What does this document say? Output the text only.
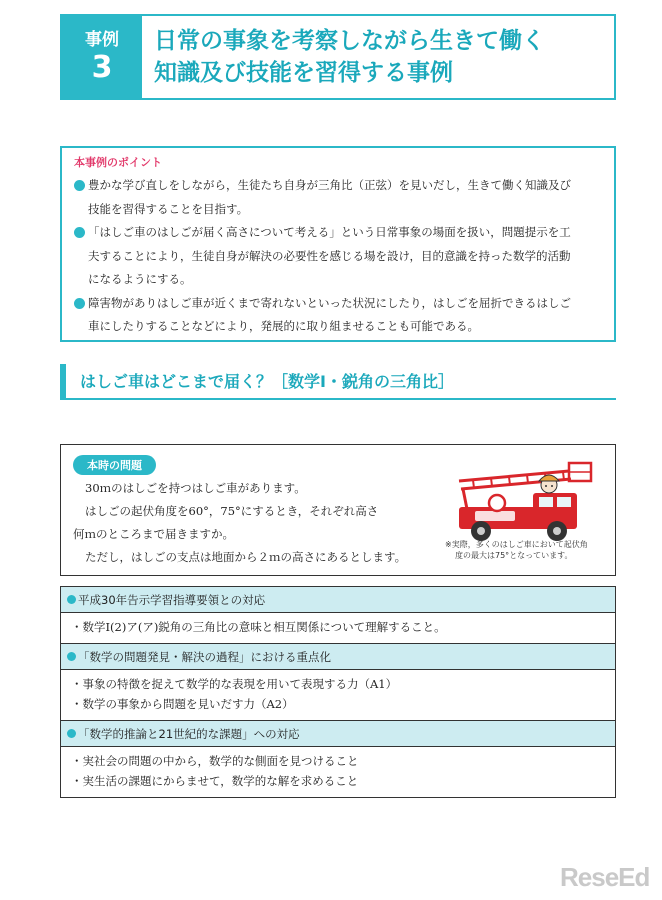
事例
3
日常の事象を考察しながら生きて働く
知識及び技能を習得する事例
本事例のポイント
豊かな学び直しをしながら，生徒たち自身が三角比（正弦）を見いだし，生きて働く知識及び
技能を習得することを目指す。
「はしご車のはしごが届く高さについて考える」という日常事象の場面を扱い，問題提示を工
夫することにより，生徒自身が解決の必要性を感じる場を設け，目的意識を持った数学的活動
になるようにする。
障害物がありはしご車が近くまで寄れないといった状況にしたり，はしごを屈折できるはしご
車にしたりすることなどにより，発展的に取り組ませることも可能である。
はしご車はどこまで届く？［数学Ⅰ・鋭角の三角比］
本時の問題
30ｍのはしごを持つはしご車があります。
はしごの起伏角度を60°，75°にするとき，それぞれ高さ
何ｍのところまで届きますか。
ただし，はしごの支点は地面から２ｍの高さにあるとします。
※実際，多くのはしご車において起伏角
度の最大は75°となっています。
平成30年告示学習指導要領との対応
・数学Ⅰ(2)ア(ア)鋭角の三角比の意味と相互関係について理解すること。
「数学の問題発見・解決の過程」における重点化
・事象の特徴を捉えて数学的な表現を用いて表現する力（A1）
・数学の事象から問題を見いだす力（A2）
「数学的推論と21世紀的な課題」への対応
・実社会の問題の中から，数学的な側面を見つけること
・実生活の課題にからませて，数学的な解を求めること
ReseEd
